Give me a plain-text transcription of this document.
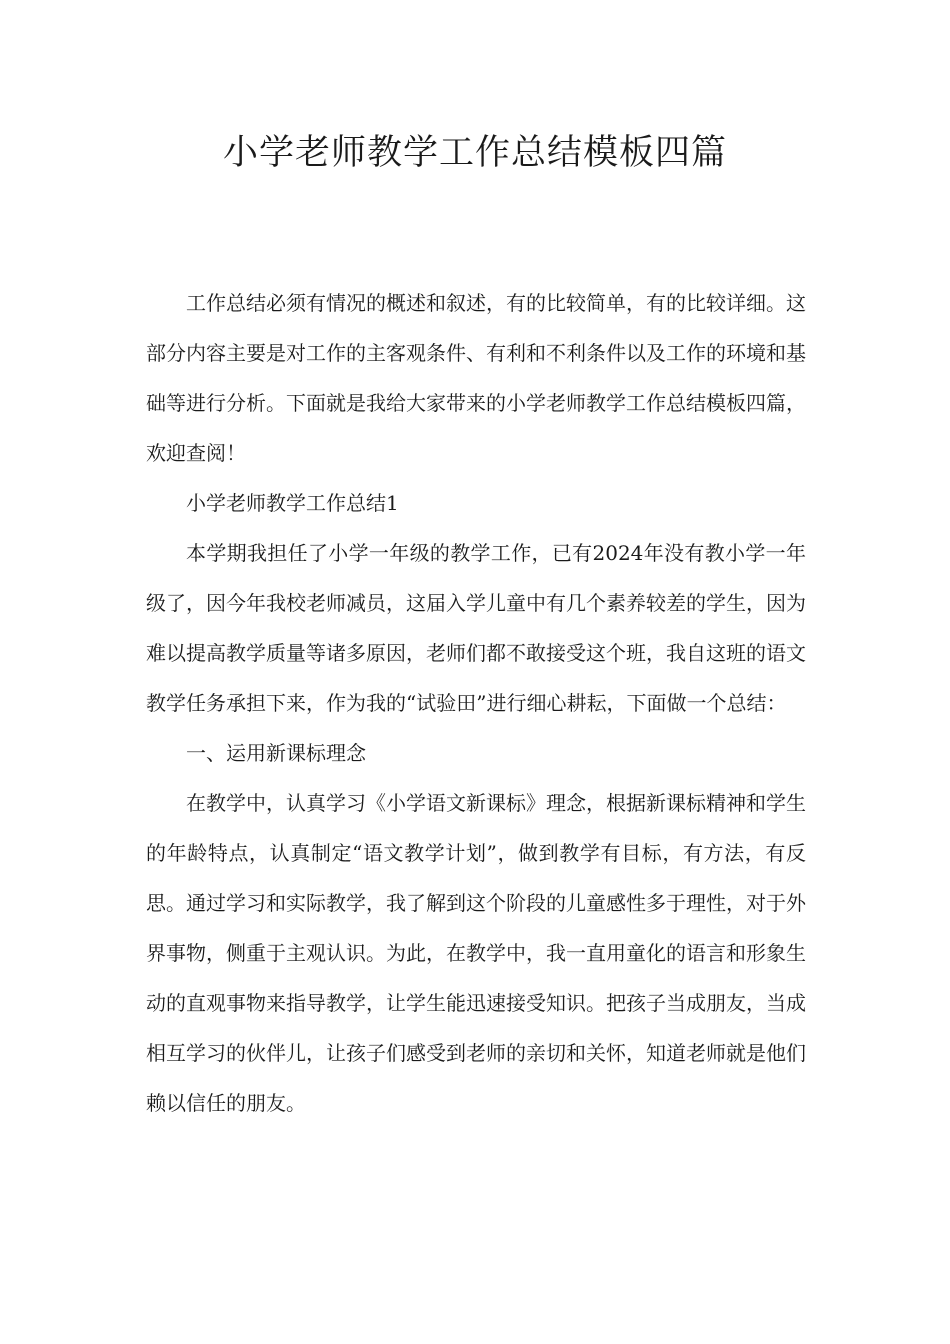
小学老师教学工作总结模板四篇

工作总结必须有情况的概述和叙述，有的比较简单，有的比较详细。这部分内容主要是对工作的主客观条件、有利和不利条件以及工作的环境和基础等进行分析。下面就是我给大家带来的小学老师教学工作总结模板四篇，欢迎查阅！

小学老师教学工作总结1

本学期我担任了小学一年级的教学工作，已有2024年没有教小学一年级了，因今年我校老师减员，这届入学儿童中有几个素养较差的学生，因为难以提高教学质量等诸多原因，老师们都不敢接受这个班，我自这班的语文教学任务承担下来，作为我的“试验田”进行细心耕耘，下面做一个总结：

一、运用新课标理念

在教学中，认真学习《小学语文新课标》理念，根据新课标精神和学生的年龄特点，认真制定“语文教学计划”，做到教学有目标，有方法，有反思。通过学习和实际教学，我了解到这个阶段的儿童感性多于理性，对于外界事物，侧重于主观认识。为此，在教学中，我一直用童化的语言和形象生动的直观事物来指导教学，让学生能迅速接受知识。把孩子当成朋友，当成相互学习的伙伴儿，让孩子们感受到老师的亲切和关怀，知道老师就是他们赖以信任的朋友。
